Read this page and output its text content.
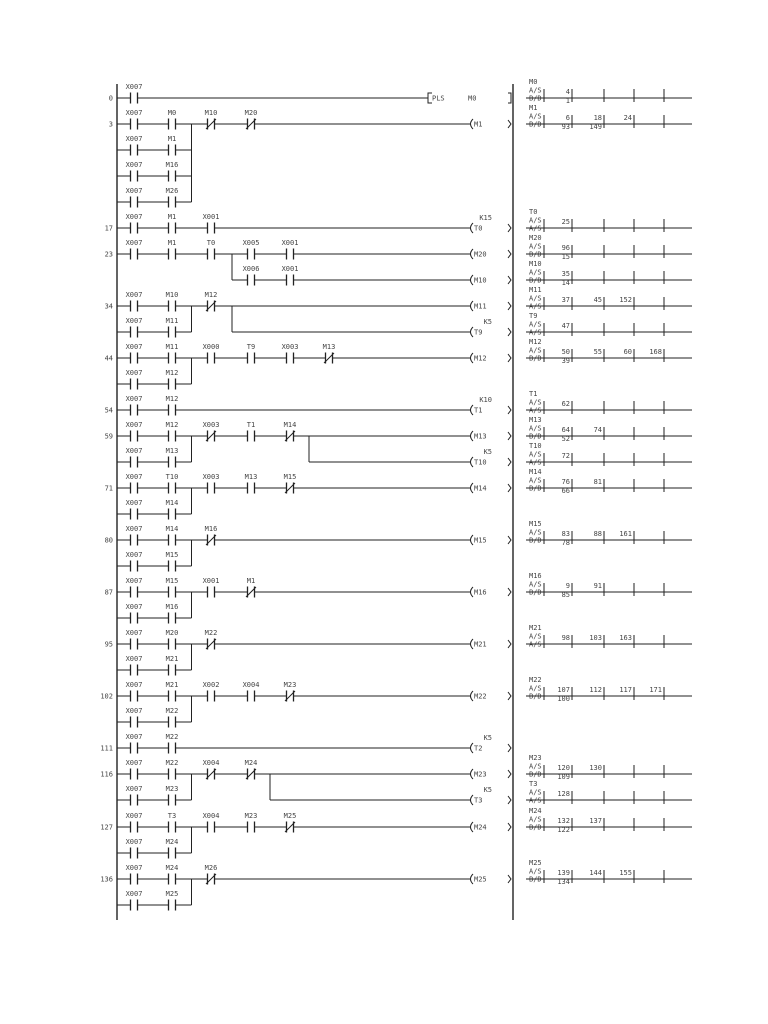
0
X007
PLS	M0
M0
A/S
B/D
4
1
3
X007	M0	M10	M20
X007	M1
X007	M16
X007	M26
M1
M1
A/S
B/D
6	18	24
93	149
17
X007	M1	X001
T0
K15
T0
A/S
A/S
25
23
X007	M1	T0	X005	X001
M20
X006	X001
M10
M20
A/S
B/D
96
15
M10
A/S
B/D
35
14
34
X007	M10	M12
X007	M11
M11
T9
K5
M11
A/S
A/S
37	45 152
T9
A/S
A/S
47
44
X007	M11	X000	T9	X003	M13
X007	M12
M12
M12
A/S
B/D
50	55	60 168
39
54
X007	M12
T1
K10
T1
A/S
A/S
62
59
X007	M12	X003	T1	M14
X007	M13
M13
T10
K5
M13
A/S
B/D
64	74
52
T10
A/S
A/S
72
71
X007	T10	X003	M13	M15
X007	M14
M14
M14
A/S
B/D
76	81
66
80
X007	M14	M16
X007	M15
M15
M15
A/S
B/D
83	88 161
78
87
X007	M15	X001	M1
X007	M16
M16
M16
A/S
B/D
9	91
85
95
X007	M20	M22
X007	M21
M21
M21
A/S
A/S
98	103 163
102
X007	M21	X002	X004	M23
X007	M22
M22
M22
A/S
B/D
107	112 117 171
100
111
X007	M22
T2
K5
116
X007	M22	X004	M24
X007	M23
M23
T3
K5
M23
A/S
B/D
120	130
109
T3
A/S
A/S
128
127
X007	T3	X004	M23	M25
X007	M24
M24
M24
A/S
B/D
132	137
122
136
X007	M24	M26
X007	M25
M25
M25
A/S
B/D
139	144 155
134
